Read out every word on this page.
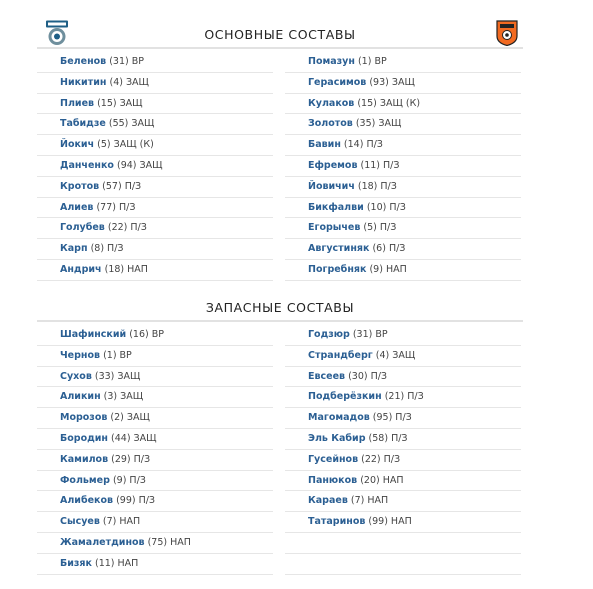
ОСНОВНЫЕ СОСТАВЫ
Беленов (31) ВР
Никитин (4) ЗАЩ
Плиев (15) ЗАЩ
Табидзе (55) ЗАЩ
Йокич (5) ЗАЩ (К)
Данченко (94) ЗАЩ
Кротов (57) П/З
Алиев (77) П/З
Голубев (22) П/З
Карп (8) П/З
Андрич (18) НАП
Помазун (1) ВР
Герасимов (93) ЗАЩ
Кулаков (15) ЗАЩ (К)
Золотов (35) ЗАЩ
Бавин (14) П/З
Ефремов (11) П/З
Йовичич (18) П/З
Бикфалви (10) П/З
Егорычев (5) П/З
Августиняк (6) П/З
Погребняк (9) НАП
ЗАПАСНЫЕ СОСТАВЫ
Шафинский (16) ВР
Чернов (1) ВР
Сухов (33) ЗАЩ
Аликин (3) ЗАЩ
Морозов (2) ЗАЩ
Бородин (44) ЗАЩ
Камилов (29) П/З
Фольмер (9) П/З
Алибеков (99) П/З
Сысуев (7) НАП
Жамалетдинов (75) НАП
Бизяк (11) НАП
Годзюр (31) ВР
Страндберг (4) ЗАЩ
Евсеев (30) П/З
Подберёзкин (21) П/З
Магомадов (95) П/З
Эль Кабир (58) П/З
Гусейнов (22) П/З
Панюков (20) НАП
Караев (7) НАП
Татаринов (99) НАП
